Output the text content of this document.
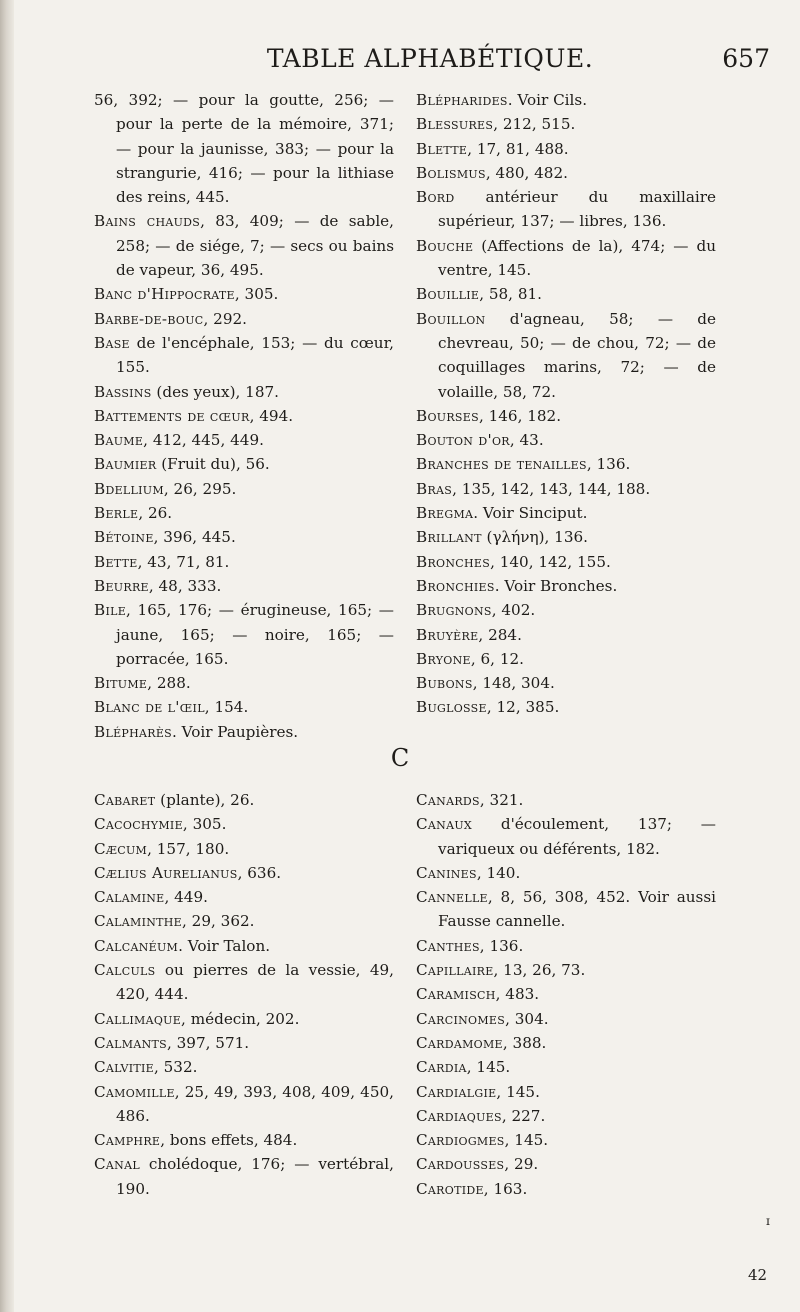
TABLE ALPHABÉTIQUE.	657

56, 392; — pour la goutte, 256; — pour la perte de la mémoire, 371; — pour la jaunisse, 383; — pour la strangurie, 416; — pour la lithiase des reins, 445.

Bains chauds, 83, 409; — de sable, 258; — de siége, 7; — secs ou bains de vapeur, 36, 495.

Banc d'Hippocrate, 305.

Barbe-de-bouc, 292.

Base de l'encéphale, 153; — du cœur, 155.

Bassins (des yeux), 187.

Battements de cœur, 494.

Baume, 412, 445, 449.

Baumier (Fruit du), 56.

Bdellium, 26, 295.

Berle, 26.

Bétoine, 396, 445.

Bette, 43, 71, 81.

Beurre, 48, 333.

Bile, 165, 176; — érugineuse, 165; — jaune, 165; — noire, 165; — porracée, 165.

Bitume, 288.

Blanc de l'œil, 154.

Blépharès. Voir Paupières.

Blépharides. Voir Cils.

Blessures, 212, 515.

Blette, 17, 81, 488.

Bolismus, 480, 482.

Bord antérieur du maxillaire supérieur, 137; — libres, 136.

Bouche (Affections de la), 474; — du ventre, 145.

Bouillie, 58, 81.

Bouillon d'agneau, 58; — de chevreau, 50; — de chou, 72; — de coquillages marins, 72; — de volaille, 58, 72.

Bourses, 146, 182.

Bouton d'or, 43.

Branches de tenailles, 136.

Bras, 135, 142, 143, 144, 188.

Bregma. Voir Sinciput.

Brillant (γλήνη), 136.

Bronches, 140, 142, 155.

Bronchies. Voir Bronches.

Brugnons, 402.

Bruyère, 284.

Bryone, 6, 12.

Bubons, 148, 304.

Buglosse, 12, 385.

C

Cabaret (plante), 26.

Cacochymie, 305.

Cæcum, 157, 180.

Cælius Aurelianus, 636.

Calamine, 449.

Calaminthe, 29, 362.

Calcanéum. Voir Talon.

Calculs ou pierres de la vessie, 49, 420, 444.

Callimaque, médecin, 202.

Calmants, 397, 571.

Calvitie, 532.

Camomille, 25, 49, 393, 408, 409, 450, 486.

Camphre, bons effets, 484.

Canal cholédoque, 176; — vertébral, 190.

Canards, 321.

Canaux d'écoulement, 137; — variqueux ou déférents, 182.

Canines, 140.

Cannelle, 8, 56, 308, 452. Voir aussi Fausse cannelle.

Canthes, 136.

Capillaire, 13, 26, 73.

Caramisch, 483.

Carcinomes, 304.

Cardamome, 388.

Cardia, 145.

Cardialgie, 145.

Cardiaques, 227.

Cardiogmes, 145.

Cardousses, 29.

Carotide, 163.

ɪ
42
